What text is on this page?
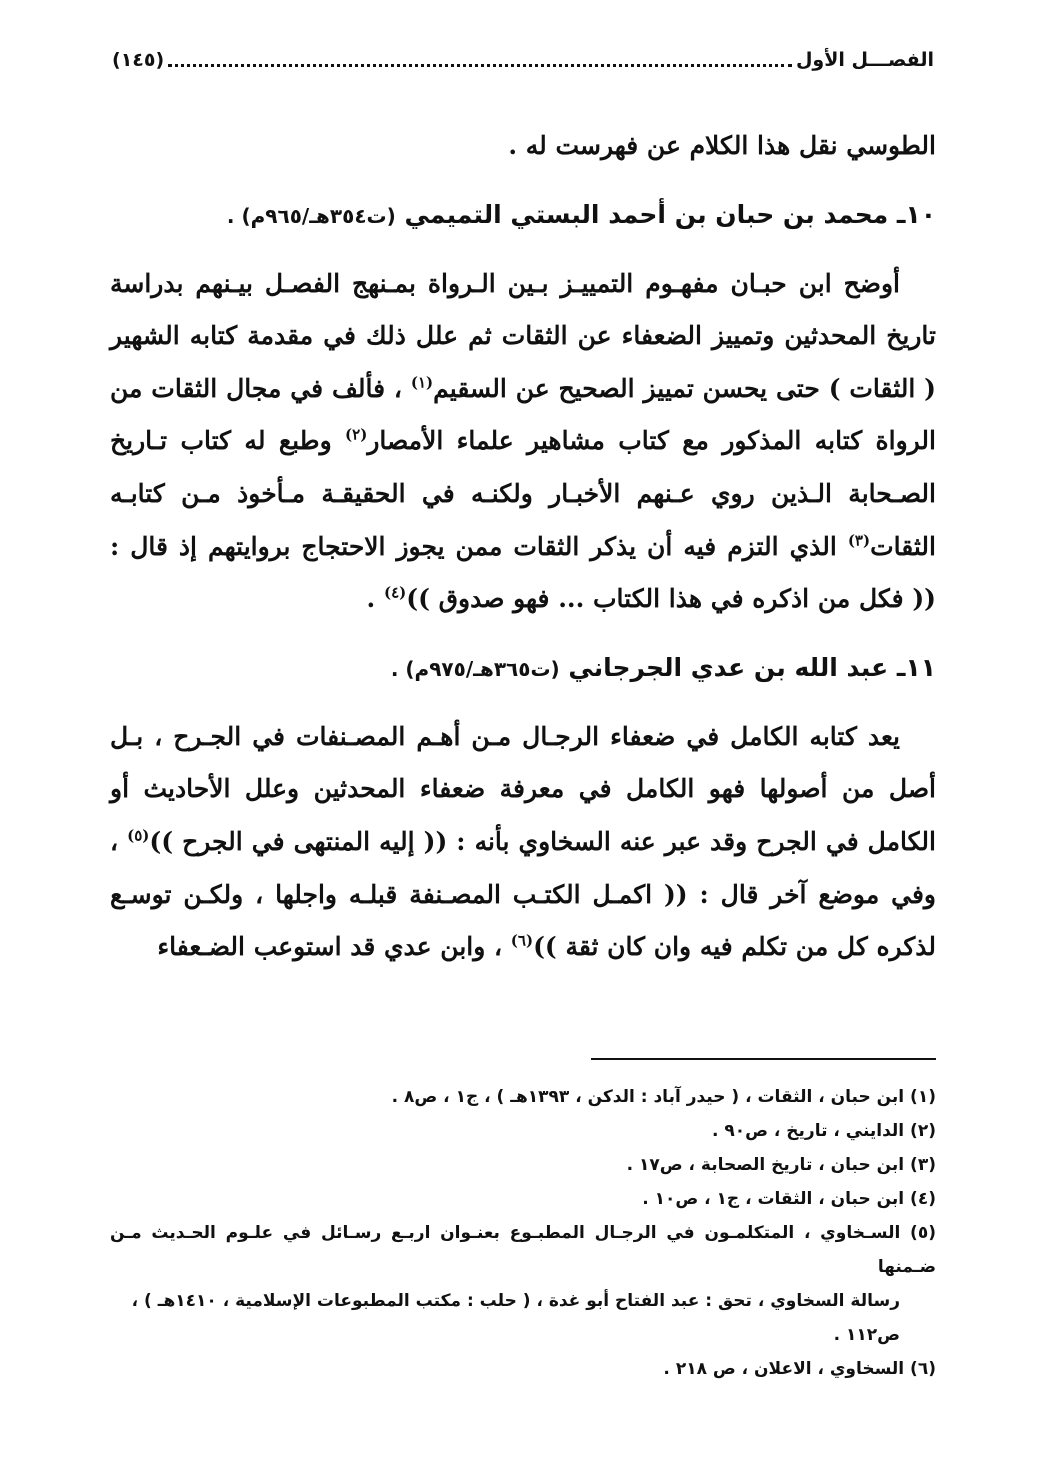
الفصـــل الأول
(١٤٥)

الطوسي نقل هذا الكلام عن فهرست له .

١٠ـ محمد بن حبان بن أحمد البستي التميمي (ت٣٥٤هـ/٩٦٥م) .

أوضح ابن حبـان مفهـوم التمييـز بـين الـرواة بمـنهج الفصـل بيـنهم بدراسة تاريخ المحدثين وتمييز الضعفاء عن الثقات ثم علل ذلك في مقدمة كتابه الشهير ( الثقات ) حتى يحسن تمييز الصحيح عن السقيم$^{(١)}$ ، فألف في مجال الثقات من الرواة كتابه المذكور مع كتاب مشاهير علماء الأمصار$^{(٢)}$ وطبع له كتاب تـاريخ الصـحابة الـذين روي عـنهم الأخبـار ولكنـه في الحقيقـة مـأخوذ مـن كتابـه الثقات$^{(٣)}$ الذي التزم فيه أن يذكر الثقات ممن يجوز الاحتجاج بروايتهم إذ قال : (( فكل من اذكره في هذا الكتاب ... فهو صدوق ))$^{(٤)}$ .

١١ـ عبد الله بن عدي الجرجاني (ت٣٦٥هـ/٩٧٥م) .

يعد كتابه الكامل في ضعفاء الرجـال مـن أهـم المصـنفات في الجـرح ، بـل أصل من أصولها فهو الكامل في معرفة ضعفاء المحدثين وعلل الأحاديث أو الكامل في الجرح وقد عبر عنه السخاوي بأنه : (( إليه المنتهى في الجرح ))$^{(٥)}$ ، وفي موضع آخر قال : (( اكمـل الكتـب المصـنفة قبلـه واجلها ، ولكـن توسـع لذكره كل من تكلم فيه وان كان ثقة ))$^{(٦)}$ ، وابن عدي قد استوعب الضـعفاء

(١) ابن حبان ، الثقات ، ( حيدر آباد : الدكن ، ١٣٩٣هـ ) ، ج١ ، ص٨ .

(٢) الدايني ، تاريخ ، ص٩٠ .

(٣) ابن حبان ، تاريخ الصحابة ، ص١٧ .

(٤) ابن حبان ، الثقات ، ج١ ، ص١٠ .

(٥) السـخاوي ، المتكلمـون في الرجـال المطبـوع بعنـوان اربـع رسـائل في علـوم الحـديث مـن ضـمنها

رسالة السخاوي ، تحق : عبد الفتاح أبو غدة ، ( حلب : مكتب المطبوعات الإسلامية ، ١٤١٠هـ ) ،

ص١١٢ .

(٦) السخاوي ، الاعلان ، ص ٢١٨ .
